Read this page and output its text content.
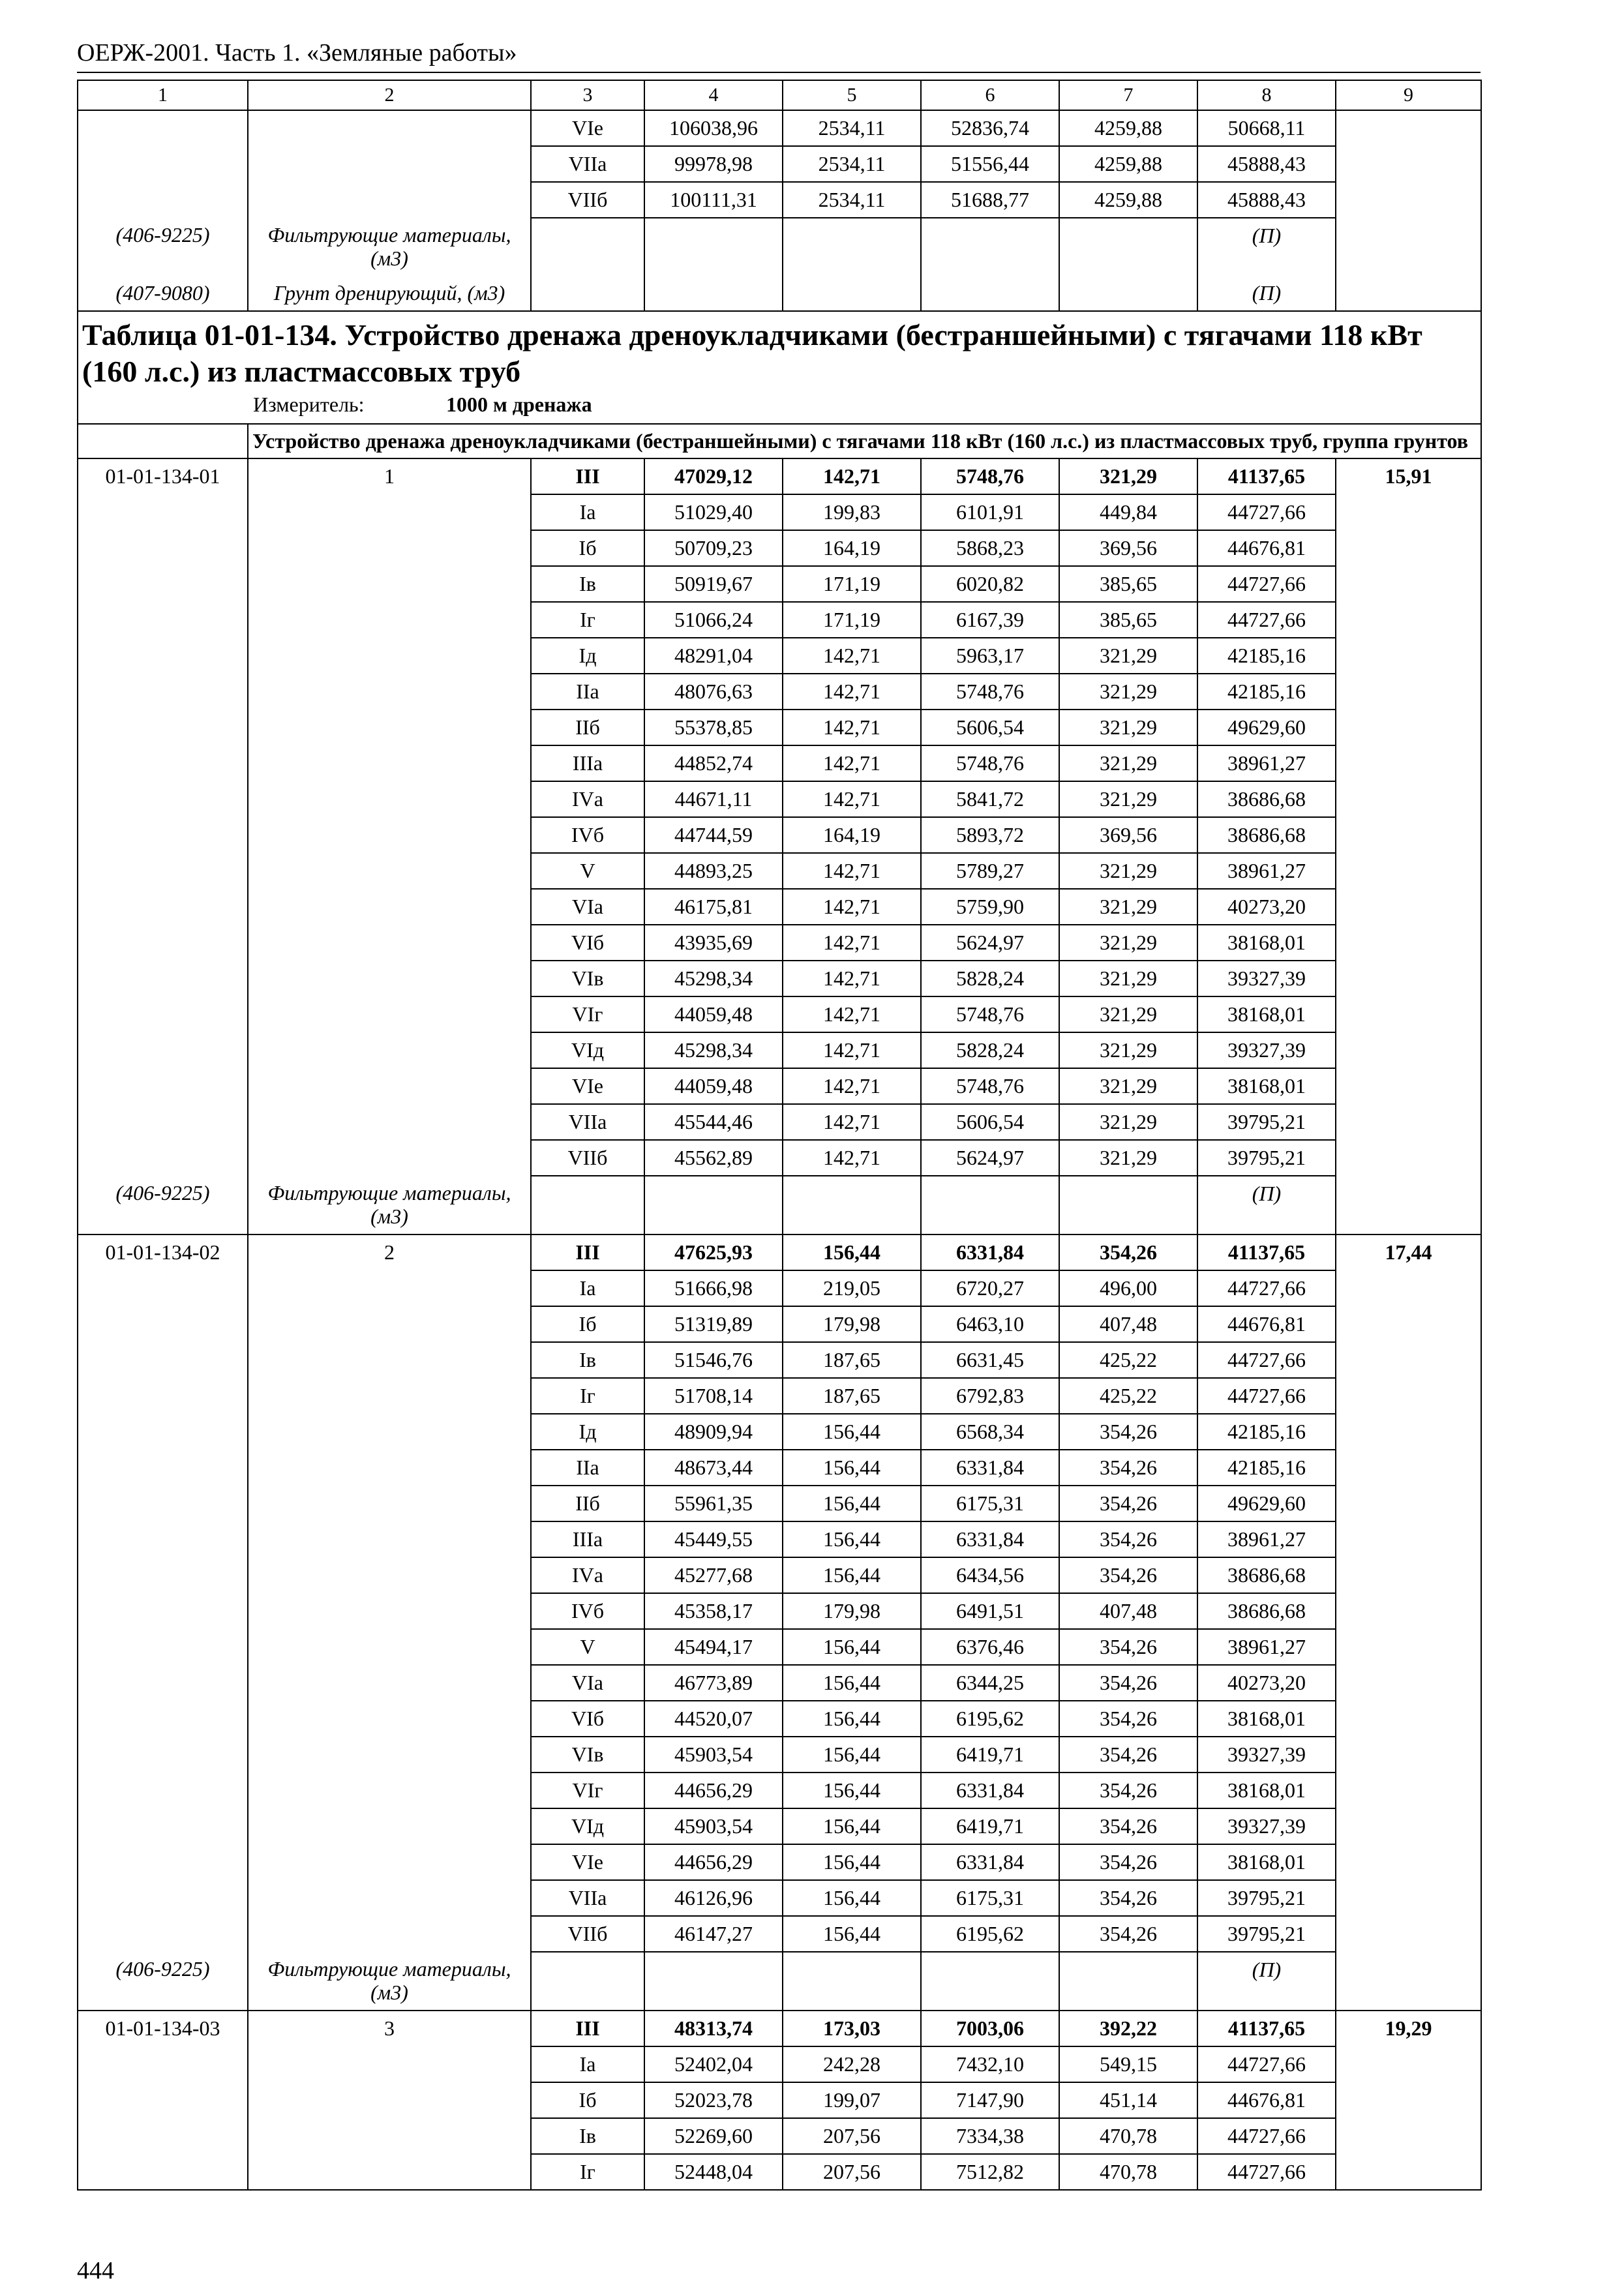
ОЕРЖ-2001. Часть 1. «Земляные работы»
1	2	3	4	5	6	7	8	9
		VIе	106038,96	2534,11	52836,74	4259,88	50668,11	
		VIIа	99978,98	2534,11	51556,44	4259,88	45888,43	
		VIIб	100111,31	2534,11	51688,77	4259,88	45888,43	
(406-9225)	Фильтрующие материалы, (м3)						(П)	
(407-9080)	Грунт дренирующий, (м3)						(П)	

Таблица 01-01-134. Устройство дренажа дреноукладчиками (бестраншейными) с тягачами 118 кВт (160 л.с.) из пластмассовых труб
Измеритель: 1000 м дренажа								

	Устройство дренажа дреноукладчиками (бестраншейными) с тягачами 118 кВт (160 л.с.) из пластмассовых труб, группа грунтов							
01-01-134-01	1	III	47029,12	142,71	5748,76	321,29	41137,65	15,91
		Iа	51029,40	199,83	6101,91	449,84	44727,66	
		Iб	50709,23	164,19	5868,23	369,56	44676,81	
		Iв	50919,67	171,19	6020,82	385,65	44727,66	
		Iг	51066,24	171,19	6167,39	385,65	44727,66	
		Iд	48291,04	142,71	5963,17	321,29	42185,16	
		IIа	48076,63	142,71	5748,76	321,29	42185,16	
		IIб	55378,85	142,71	5606,54	321,29	49629,60	
		IIIа	44852,74	142,71	5748,76	321,29	38961,27	
		IVа	44671,11	142,71	5841,72	321,29	38686,68	
		IVб	44744,59	164,19	5893,72	369,56	38686,68	
		V	44893,25	142,71	5789,27	321,29	38961,27	
		VIа	46175,81	142,71	5759,90	321,29	40273,20	
		VIб	43935,69	142,71	5624,97	321,29	38168,01	
		VIв	45298,34	142,71	5828,24	321,29	39327,39	
		VIг	44059,48	142,71	5748,76	321,29	38168,01	
		VIд	45298,34	142,71	5828,24	321,29	39327,39	
		VIе	44059,48	142,71	5748,76	321,29	38168,01	
		VIIа	45544,46	142,71	5606,54	321,29	39795,21	
		VIIб	45562,89	142,71	5624,97	321,29	39795,21	
(406-9225)	Фильтрующие материалы, (м3)						(П)	
01-01-134-02	2	III	47625,93	156,44	6331,84	354,26	41137,65	17,44
		Iа	51666,98	219,05	6720,27	496,00	44727,66	
		Iб	51319,89	179,98	6463,10	407,48	44676,81	
		Iв	51546,76	187,65	6631,45	425,22	44727,66	
		Iг	51708,14	187,65	6792,83	425,22	44727,66	
		Iд	48909,94	156,44	6568,34	354,26	42185,16	
		IIа	48673,44	156,44	6331,84	354,26	42185,16	
		IIб	55961,35	156,44	6175,31	354,26	49629,60	
		IIIа	45449,55	156,44	6331,84	354,26	38961,27	
		IVа	45277,68	156,44	6434,56	354,26	38686,68	
		IVб	45358,17	179,98	6491,51	407,48	38686,68	
		V	45494,17	156,44	6376,46	354,26	38961,27	
		VIа	46773,89	156,44	6344,25	354,26	40273,20	
		VIб	44520,07	156,44	6195,62	354,26	38168,01	
		VIв	45903,54	156,44	6419,71	354,26	39327,39	
		VIг	44656,29	156,44	6331,84	354,26	38168,01	
		VIд	45903,54	156,44	6419,71	354,26	39327,39	
		VIе	44656,29	156,44	6331,84	354,26	38168,01	
		VIIа	46126,96	156,44	6175,31	354,26	39795,21	
		VIIб	46147,27	156,44	6195,62	354,26	39795,21	
(406-9225)	Фильтрующие материалы, (м3)						(П)	
01-01-134-03	3	III	48313,74	173,03	7003,06	392,22	41137,65	19,29
		Iа	52402,04	242,28	7432,10	549,15	44727,66	
		Iб	52023,78	199,07	7147,90	451,14	44676,81	
		Iв	52269,60	207,56	7334,38	470,78	44727,66	
		Iг	52448,04	207,56	7512,82	470,78	44727,66	
444
